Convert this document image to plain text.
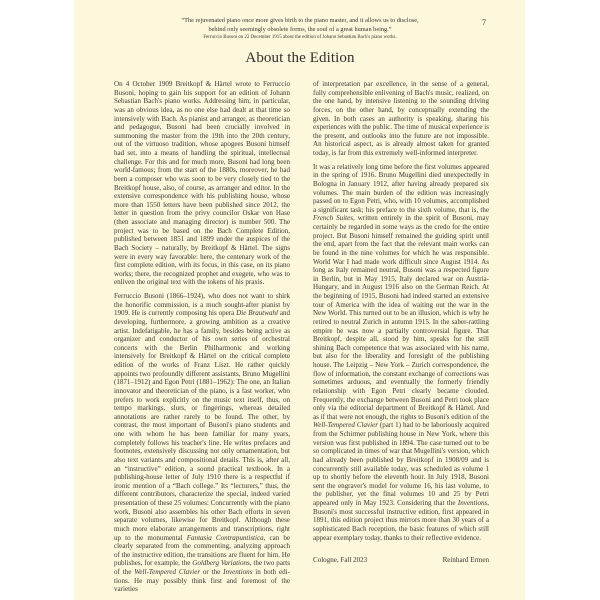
“The rejuvenated piano once more gives birth to the piano master, and it allows us to disclose,
behind only seemingly obsolete forms, the soul of a great human being.”
Ferruccio Busoni on 22 December 1915 about the edition of Johann Sebastian Bach's piano works.
7
About the Edition

On 4 October 1909 Breitkopf & Härtel wrote to Ferruccio Busoni, hoping to gain his support for an edition of Johann Sebastian Bach's piano works. Addressing him, in particular, was an obvious idea, as no one else had dealt at that time so intensively with Bach. As pianist and arranger, as theoretician and pedagogue, Busoni had been crucially involved in summoning the master from the 19th into the 20th century, out of the virtuoso tradition, whose apogees Busoni himself had set, into a means of handling the spiritual, intellectual challenge. For this and for much more, Busoni had long been world-famous; from the start of the 1880s, moreover, he had been a composer who was soon to be very closely tied to the Breitkopf house, also, of course, as arranger and editor. In the extensive correspondence with his publishing house, whose more than 1550 letters have been published since 2012, the letter in question from the privy councilor Oskar von Hase (then associate and managing director) is number 500. The project was to be based on the Bach Complete Edition, published between 1851 and 1899 under the auspices of the Bach Society – naturally, by Breitkopf & Härtel. The signs were in every way favorable: here, the centenary work of the first complete edition, with its focus, in this case, on its piano works; there, the recognized prophet and exegete, who was to enliven the original text with the tokens of his praxis.

Ferruccio Busoni (1866–1924), who does not want to shirk the honorific commission, is a much sought-after pianist by 1909. He is currently composing his opera Die Brautwahl and developing, furthermore, a growing ambition as a creative artist. Indefatigable, he has a family, besides being active as organizer and conductor of his own series of orchestral concerts with the Berlin Philharmonic and working intensively for Breitkopf & Härtel on the critical complete edition of the works of Franz Liszt. He rather quickly appoints two profoundly different assistants, Bruno Mugellini (1871–1912) and Egon Petri (1881–1962): The one, an Italian innovator and theoretician of the piano, is a fast worker, who prefers to work explicitly on the music text itself, thus, on tempo markings, slurs, or fingerings, whereas detailed annotations are rather rarely to be found. The other, by contrast, the most important of Busoni's piano students and one with whom he has been familiar for many years, completely follows his teacher's line. He writes prefaces and footnotes, extensively discussing not only ornamentation, but also text variants and compositional details. This is, after all, an “instructive” edition, a sound practical textbook. In a publishing-house letter of July 1910 there is a respectful if ironic mention of a “Bach college.” Its “lecturers,” thus, the different contributors, characterize the special, indeed varied presentation of these 25 volumes: Concurrently with the piano work, Busoni also assembles his other Bach efforts in seven separate volumes, likewise for Breitkopf. Although these much more elaborate arrangements and transcriptions, right up to the monumental Fantasia Contrapuntistica, can be clearly separated from the commenting, analyzing approach of the instructive edition, the transitions are fluent for him. He publishes, for example, the Goldberg Variations, the two parts of the Well-Tempered Clavier or the Inventions in both editions. He may possibly think first and foremost of the varieties

of interpretation par excellence, in the sense of a general, fully comprehensible enlivening of Bach's music, realized, on the one hand, by intensive listening to the sounding driving forces, on the other hand, by conceptually extending the given. In both cases an authority is speaking, sharing his experiences with the public. The time of musical experience is the present, and outlooks into the future are not impossible. An historical aspect, as is already almost taken for granted today, is far from this extremely well-informed interpreter.

It was a relatively long time before the first volumes appeared in the spring of 1916. Bruno Mugellini died unexpectedly in Bologna in January 1912, after having already prepared six volumes. The main burden of the edition was increasingly passed on to Egon Petri, who, with 10 volumes, accomplished a significant task; his preface to the sixth volume, that is, the French Suites, written entirely in the spirit of Busoni, may certainly be regarded in some ways as the credo for the entire project. But Busoni himself remained the guiding spirit until the end, apart from the fact that the relevant main works can be found in the nine volumes for which he was responsible. World War I had made work difficult since August 1914. As long as Italy remained neutral, Busoni was a respected figure in Berlin, but in May 1915, Italy declared war on Austria-Hungary, and in August 1916 also on the German Reich. At the beginning of 1915, Busoni had indeed started an extensive tour of America with the idea of waiting out the war in the New World. This turned out to be an illusion, which is why he retired to neutral Zurich in autumn 1915. In the saber-rattling empire he was now a partially controversial figure. That Breitkopf, despite all, stood by him, speaks for the still shining Bach competence that was associated with his name, but also for the liberality and foresight of the publishing house. The Leipzig – New York – Zurich correspondence, the flow of information, the constant exchange of corrections was sometimes arduous, and eventually the formerly friendly relationship with Egon Petri clearly became clouded. Frequently, the exchange between Busoni and Petri took place only via the editorial department of Breitkopf & Härtel. And as if that were not enough, the rights to Busoni's edition of the Well-Tempered Clavier (part 1) had to be laboriously acquired from the Schirmer publishing house in New York, where this version was first published in 1894. The case turned out to be so complicated in times of war that Mugellini's version, which had already been published by Breitkopf in 1908/09 and is concurrently still available today, was scheduled as volume 1 up to shortly before the eleventh hour. In July 1918, Busoni sent the engraver's model for volume 16, his last volume, to the publisher, yet the final volumes 10 and 25 by Petri appeared only in May 1923. Considering that the Inventions, Busoni's most successful instructive edition, first appeared in 1891, this edition project thus mirrors more than 30 years of a sophisticated Bach reception, the basic features of which still appear exemplary today, thanks to their reflective evidence.

Cologne, Fall 2023	Reinhard Ermen
